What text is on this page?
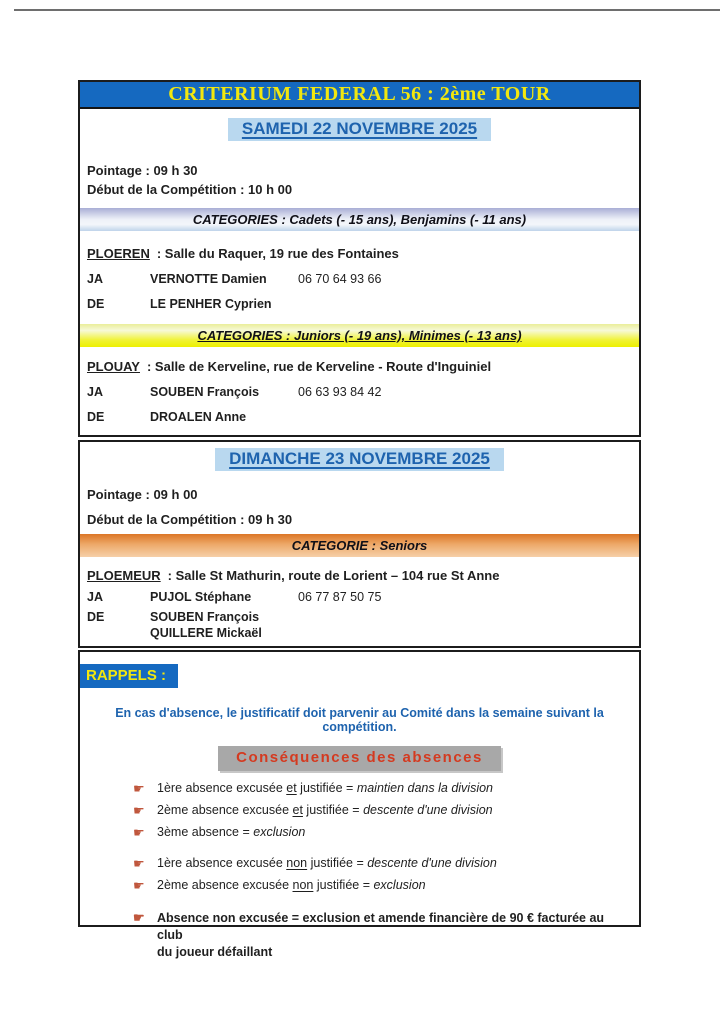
CRITERIUM FEDERAL 56 : 2ème TOUR
SAMEDI 22 NOVEMBRE 2025
Pointage : 09 h 30
Début de la Compétition : 10 h 00
CATEGORIES : Cadets (- 15 ans), Benjamins (- 11 ans)
PLOEREN : Salle du Raquer, 19 rue des Fontaines
JA	VERNOTTE Damien	06 70 64 93 66
DE	LE PENHER Cyprien
CATEGORIES : Juniors (- 19 ans), Minimes (- 13 ans)
PLOUAY : Salle de Kerveline, rue de Kerveline - Route d'Inguiniel
JA	SOUBEN François	06 63 93 84 42
DE	DROALEN Anne
DIMANCHE 23 NOVEMBRE 2025
Pointage : 09 h 00
Début de la Compétition : 09 h 30
CATEGORIE : Seniors
PLOEMEUR : Salle St Mathurin, route de Lorient – 104 rue St Anne
JA	PUJOL Stéphane	06 77 87 50 75
DE	SOUBEN François
QUILLERE Mickaël
RAPPELS :
En cas d'absence, le justificatif doit parvenir au Comité dans la semaine suivant la compétition.
Conséquences des absences
☛ 1ère absence excusée et justifiée = maintien dans la division
☛ 2ème absence excusée et justifiée = descente d'une division
☛ 3ème absence = exclusion
☛ 1ère absence excusée non justifiée = descente d'une division
☛ 2ème absence excusée non justifiée = exclusion
☛ Absence non excusée = exclusion et amende financière de 90 € facturée au club
du joueur défaillant
